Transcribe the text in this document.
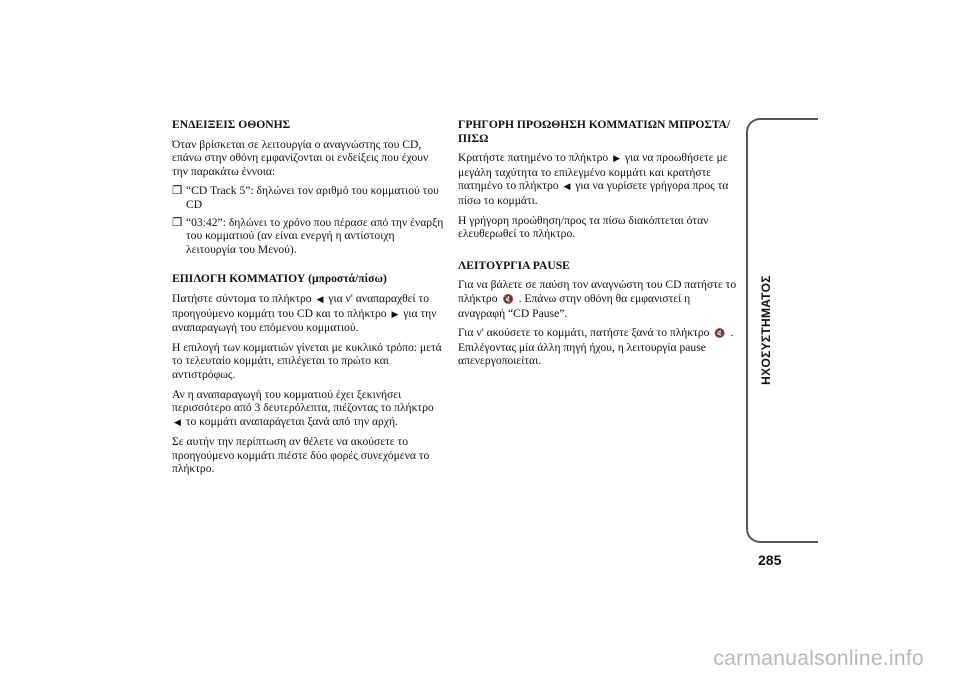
ΕΝΔΕΙΞΕΙΣ ΟΘΟΝΗΣ
Όταν βρίσκεται σε λειτουργία ο αναγνώστης του CD, επάνω στην οθόνη εμφανίζονται οι ενδείξεις που έχουν την παρακάτω έννοια:
❒ “CD Track 5”: δηλώνει τον αριθμό του κομματιού του CD
❒ “03:42”: δηλώνει το χρόνο που πέρασε από την έναρξη του κομματιού (αν είναι ενεργή η αντίστοιχη λειτουργία του Μενού).
ΕΠΙΛΟΓΗ ΚΟΜΜΑΤΙΟΥ (μπροστά/πίσω)
Πατήστε σύντομα το πλήκτρο ◀ για ν' αναπαραχθεί το προηγούμενο κομμάτι του CD και το πλήκτρο ▶ για την αναπαραγωγή του επόμενου κομματιού.
Η επιλογή των κομματιών γίνεται με κυκλικό τρόπο: μετά το τελευταίο κομμάτι, επιλέγεται το πρώτο και αντιστρόφως.
Αν η αναπαραγωγή του κομματιού έχει ξεκινήσει περισσότερο από 3 δευτερόλεπτα, πιέζοντας το πλήκτρο ◀ το κομμάτι αναπαράγεται ξανά από την αρχή.
Σε αυτήν την περίπτωση αν θέλετε να ακούσετε το προηγούμενο κομμάτι πιέστε δύο φορές συνεχόμενα το πλήκτρο.
ΓΡΗΓΟΡΗ ΠΡΟΩΘΗΣΗ ΚΟΜΜΑΤΙΩΝ ΜΠΡΟΣΤΑ/ΠΙΣΩ
Κρατήστε πατημένο το πλήκτρο ▶ για να προωθήσετε με μεγάλη ταχύτητα το επιλεγμένο κομμάτι και κρατήστε πατημένο το πλήκτρο ◀ για να γυρίσετε γρήγορα προς τα πίσω το κομμάτι.
Η γρήγορη προώθηση/προς τα πίσω διακόπτεται όταν ελευθερωθεί το πλήκτρο.
ΛΕΙΤΟΥΡΓΙΑ PAUSE
Για να βάλετε σε παύση τον αναγνώστη του CD πατήστε το πλήκτρο 🔇 . Επάνω στην οθόνη θα εμφανιστεί η αναγραφή “CD Pause”.
Για ν' ακούσετε το κομμάτι, πατήστε ξανά το πλήκτρο 🔇 . Επιλέγοντας μία άλλη πηγή ήχου, η λειτουργία pause απενεργοποιείται.	ΗΧΟΣΥΣΤΗΜΑΤΟΣ
285
carmanualsonline.info
